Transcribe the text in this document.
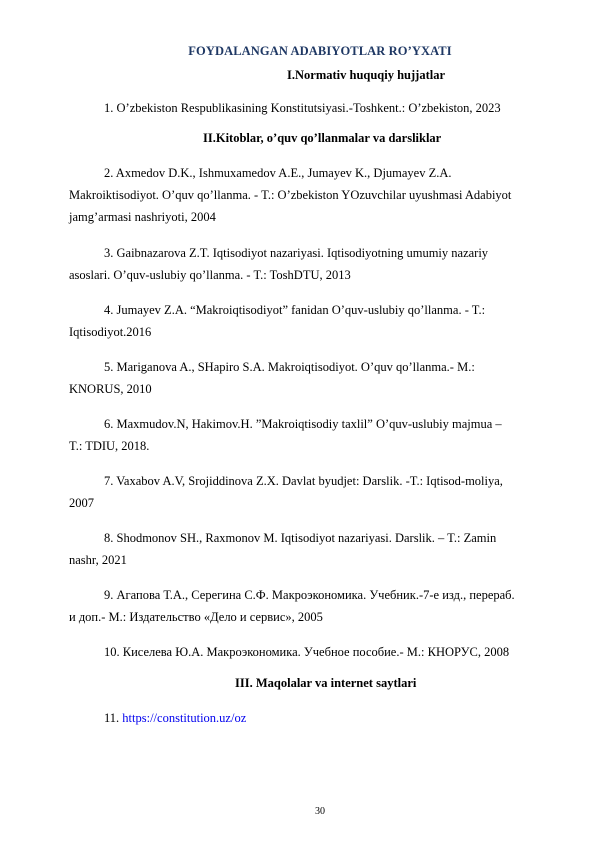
FOYDALANGAN ADABIYOTLAR RO’YXATI
I.Normativ huquqiy hujjatlar
1. O’zbekiston Respublikasining Konstitutsiyasi.-Toshkent.: O’zbekiston, 2023
II.Kitoblar, o’quv qo’llanmalar va darsliklar
2. Axmedov D.K., Ishmuxamedov A.E., Jumayev K., Djumayev Z.A.
Makroiktisodiyot. O’quv qo’llanma. - T.: O’zbekiston YOzuvchilar uyushmasi Adabiyot
jamg’armasi nashriyoti, 2004
3. Gaibnazarova Z.T. Iqtisodiyot nazariyasi. Iqtisodiyotning umumiy nazariy
asoslari. O’quv-uslubiy qo’llanma. - T.: ToshDTU, 2013
4. Jumayev Z.A. “Makroiqtisodiyot” fanidan O’quv-uslubiy qo’llanma. - T.:
Iqtisodiyot.2016
5. Mariganova A., SHapiro S.A. Makroiqtisodiyot. O’quv qo’llanma.- M.:
KNORUS, 2010
6. Maxmudov.N, Hakimov.H. ”Makroiqtisodiy taxlil” O’quv-uslubiy majmua –
T.: TDIU, 2018.
7. Vaxabov A.V, Srojiddinova Z.X. Davlat byudjet: Darslik. -T.: Iqtisod-moliya,
2007
8. Shodmonov SH., Raxmonov M. Iqtisodiyot nazariyasi. Darslik. – T.: Zamin
nashr, 2021
9. Агапова Т.А., Серегина С.Ф. Макроэкономика. Учебник.-7-е изд., перераб.
и доп.- М.: Издательство «Дело и сервис», 2005
10. Киселева Ю.А. Макроэкономика. Учебное пособие.- М.: КНОРУС, 2008
III. Maqolalar va internet saytlari
11. https://constitution.uz/oz
30
